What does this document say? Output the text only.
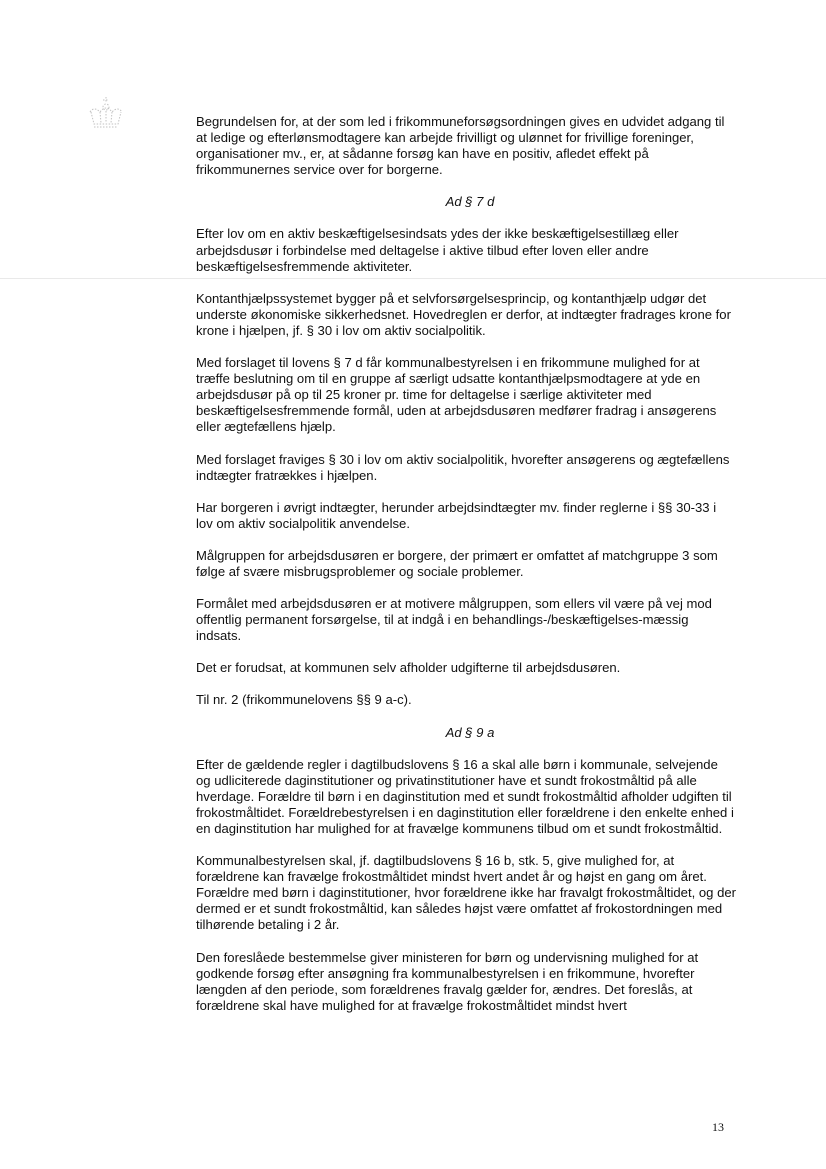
Begrundelsen for, at der som led i frikommuneforsøgsordningen gives en udvidet adgang til at ledige og efterlønsmodtagere kan arbejde frivilligt og ulønnet for frivillige foreninger, organisationer mv., er, at sådanne forsøg kan have en positiv, afledet effekt på frikommunernes service over for borgerne.

Ad § 7 d

Efter lov om en aktiv beskæftigelsesindsats ydes der ikke beskæftigelsestillæg eller arbejdsdusør i forbindelse med deltagelse i aktive tilbud efter loven eller andre beskæftigelsesfremmende aktiviteter.

Kontanthjælpssystemet bygger på et selvforsørgelsesprincip, og kontanthjælp udgør det underste økonomiske sikkerhedsnet. Hovedreglen er derfor, at indtægter fradrages krone for krone i hjælpen, jf. § 30 i lov om aktiv socialpolitik.

Med forslaget til lovens § 7 d får kommunalbestyrelsen i en frikommune mulighed for at træffe beslutning om til en gruppe af særligt udsatte kontanthjælpsmodtagere at yde en arbejdsdusør på op til 25 kroner pr. time for deltagelse i særlige aktiviteter med beskæftigelsesfremmende formål, uden at arbejdsdusøren medfører fradrag i ansøgerens eller ægtefællens hjælp.

Med forslaget fraviges § 30 i lov om aktiv socialpolitik, hvorefter ansøgerens og ægtefællens indtægter fratrækkes i hjælpen.

Har borgeren i øvrigt indtægter, herunder arbejdsindtægter mv. finder reglerne i §§ 30-33 i lov om aktiv socialpolitik anvendelse.

Målgruppen for arbejdsdusøren er borgere, der primært er omfattet af matchgruppe 3 som følge af svære misbrugsproblemer og sociale problemer.

Formålet med arbejdsdusøren er at motivere målgruppen, som ellers vil være på vej mod offentlig permanent forsørgelse, til at indgå i en behandlings-/beskæftigelses-mæssig indsats.

Det er forudsat, at kommunen selv afholder udgifterne til arbejdsdusøren.

Til nr. 2 (frikommunelovens §§ 9 a-c).

Ad § 9 a

Efter de gældende regler i dagtilbudslovens § 16 a skal alle børn i kommunale, selvejende og udliciterede daginstitutioner og privatinstitutioner have et sundt frokostmåltid på alle hverdage. Forældre til børn i en daginstitution med et sundt frokostmåltid afholder udgiften til frokostmåltidet. Forældrebestyrelsen i en daginstitution eller forældrene i den enkelte enhed i en daginstitution har mulighed for at fravælge kommunens tilbud om et sundt frokostmåltid.

Kommunalbestyrelsen skal, jf. dagtilbudslovens § 16 b, stk. 5, give mulighed for, at forældrene kan fravælge frokostmåltidet mindst hvert andet år og højst en gang om året. Forældre med børn i daginstitutioner, hvor forældrene ikke har fravalgt frokostmåltidet, og der dermed er et sundt frokostmåltid, kan således højst være omfattet af frokostordningen med tilhørende betaling i 2 år.

Den foreslåede bestemmelse giver ministeren for børn og undervisning mulighed for at godkende forsøg efter ansøgning fra kommunalbestyrelsen i en frikommune, hvorefter længden af den periode, som forældrenes fravalg gælder for, ændres. Det foreslås, at forældrene skal have mulighed for at fravælge frokostmåltidet mindst hvert

13
